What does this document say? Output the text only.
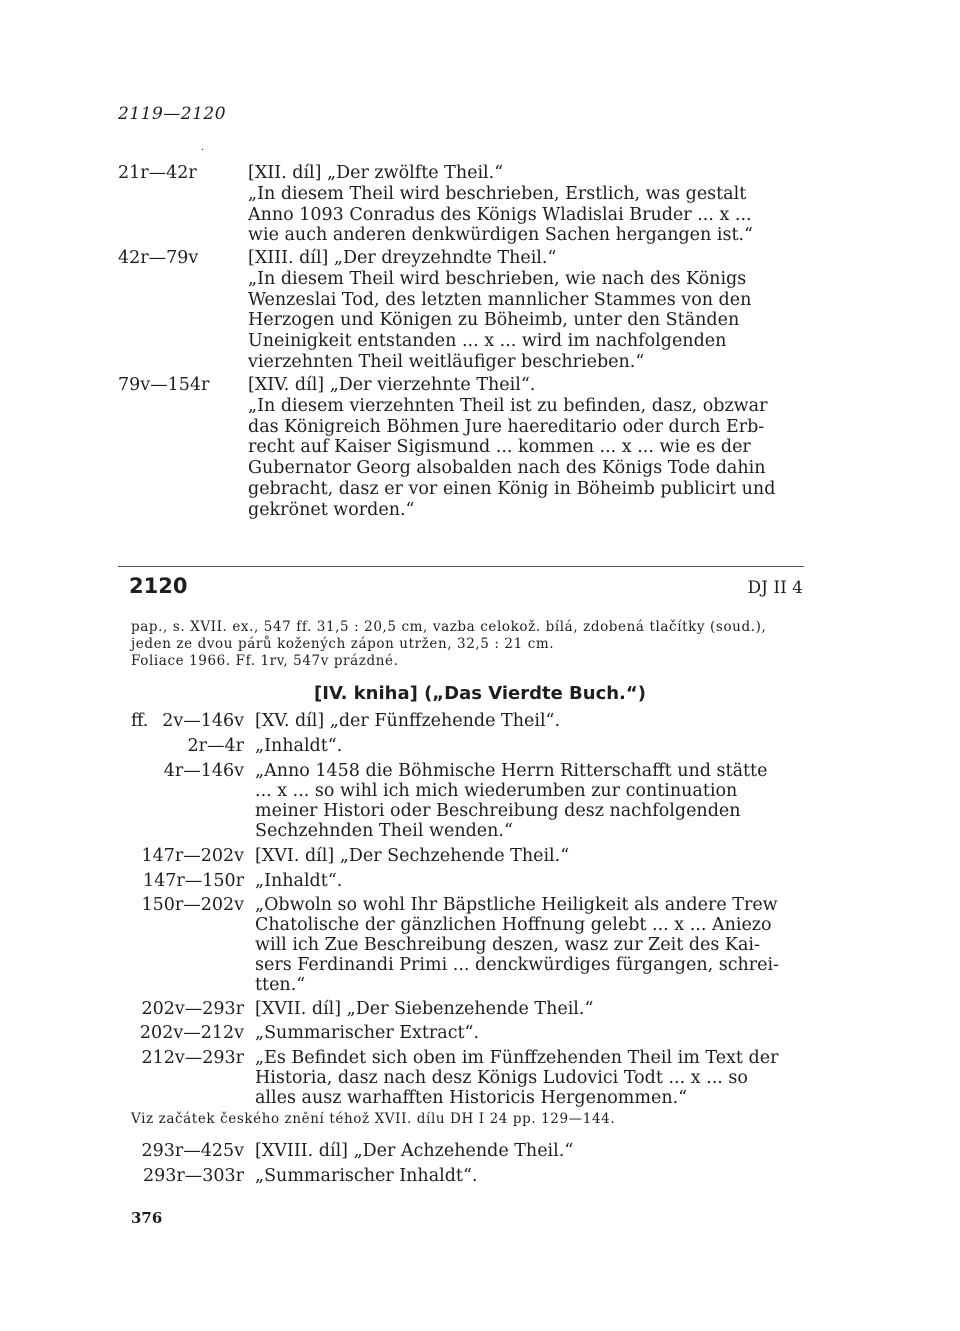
2119—2120
.
21r—42r	[XII. díl] „Der zwölfte Theil.“
„In diesem Theil wird beschrieben, Erstlich, was gestalt
Anno 1093 Conradus des Königs Wladislai Bruder ... x ...
wie auch anderen denkwürdigen Sachen hergangen ist.“
42r—79v	[XIII. díl] „Der dreyzehndte Theil.“
„In diesem Theil wird beschrieben, wie nach des Königs
Wenzeslai Tod, des letzten mannlicher Stammes von den
Herzogen und Königen zu Böheimb, unter den Ständen
Uneinigkeit entstanden ... x ... wird im nachfolgenden
vierzehnten Theil weitläufiger beschrieben.“
79v—154r	[XIV. díl] „Der vierzehnte Theil“.
„In diesem vierzehnten Theil ist zu befinden, dasz, obzwar
das Königreich Böhmen Jure haereditario oder durch Erb-
recht auf Kaiser Sigismund ... kommen ... x ... wie es der
Gubernator Georg alsobalden nach des Königs Tode dahin
gebracht, dasz er vor einen König in Böheimb publicirt und
gekrönet worden.“
2120	DJ II 4
pap., s. XVII. ex., 547 ff. 31,5 : 20,5 cm, vazba celokož. bílá, zdobená tlačítky (soud.),
jeden ze dvou párů kožených zápon utržen, 32,5 : 21 cm.
Foliace 1966. Ff. 1rv, 547v prázdné.
[IV. kniha] („Das Vierdte Buch.“)
ff. 2v—146v [XV. díl] „der Fünffzehende Theil“.
2r—4r „Inhaldt“.
4r—146v „Anno 1458 die Böhmische Herrn Ritterschafft und stätte
... x ... so wihl ich mich wiederumben zur continuation
meiner Histori oder Beschreibung desz nachfolgenden
Sechzehnden Theil wenden.“
147r—202v [XVI. díl] „Der Sechzehende Theil.“
147r—150r „Inhaldt“.
150r—202v „Obwoln so wohl Ihr Bäpstliche Heiligkeit als andere Trew
Chatolische der gänzlichen Hoffnung gelebt ... x ... Aniezo
will ich Zue Beschreibung deszen, wasz zur Zeit des Kai-
sers Ferdinandi Primi ... denckwürdiges fürgangen, schrei-
tten.“
202v—293r [XVII. díl] „Der Siebenzehende Theil.“
202v—212v „Summarischer Extract“.
212v—293r „Es Befindet sich oben im Fünffzehenden Theil im Text der
Historia, dasz nach desz Königs Ludovici Todt ... x ... so
alles ausz warhafften Historicis Hergenommen.“
Viz začátek českého znění téhož XVII. dílu DH I 24 pp. 129—144.
293r—425v [XVIII. díl] „Der Achzehende Theil.“
293r—303r „Summarischer Inhaldt“.
376
